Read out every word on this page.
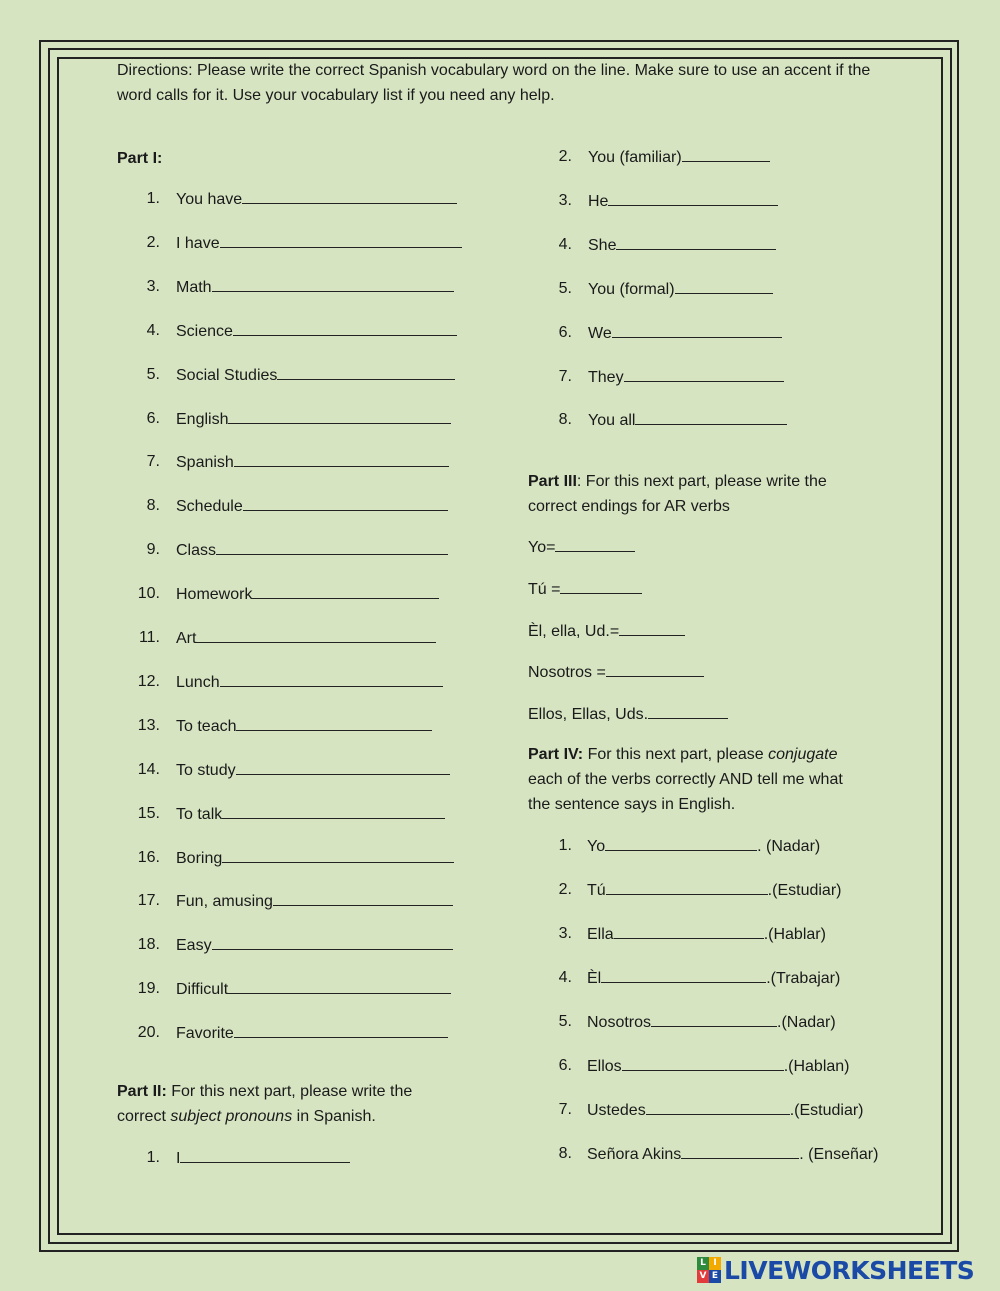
Directions: Please write the correct Spanish vocabulary word on the line. Make sure to use an accent if the word calls for it. Use your vocabulary list if you need any help.
Part I:
1. You have
2. I have
3. Math
4. Science
5. Social Studies
6. English
7. Spanish
8. Schedule
9. Class
10. Homework
11. Art
12. Lunch
13. To teach
14. To study
15. To talk
16. Boring
17. Fun, amusing
18. Easy
19. Difficult
20. Favorite
Part II: For this next part, please write the correct subject pronouns in Spanish.
1. I
2. You (familiar)
3. He
4. She
5. You (formal)
6. We
7. They
8. You all
Part III: For this next part, please write the correct endings for AR verbs
Yo=
Tú =
Èl, ella, Ud.=
Nosotros =
Ellos, Ellas, Uds.
Part IV: For this next part, please conjugate each of the verbs correctly AND tell me what the sentence says in English.
1. Yo	. (Nadar)
2. Tú	.(Estudiar)
3. Ella	.(Hablar)
4. Èl	.(Trabajar)
5. Nosotros	.(Nadar)
6. Ellos	.(Hablan)
7. Ustedes	.(Estudiar)
8. Señora Akins	. (Enseñar)
L I
V E LIVEWORKSHEETS
